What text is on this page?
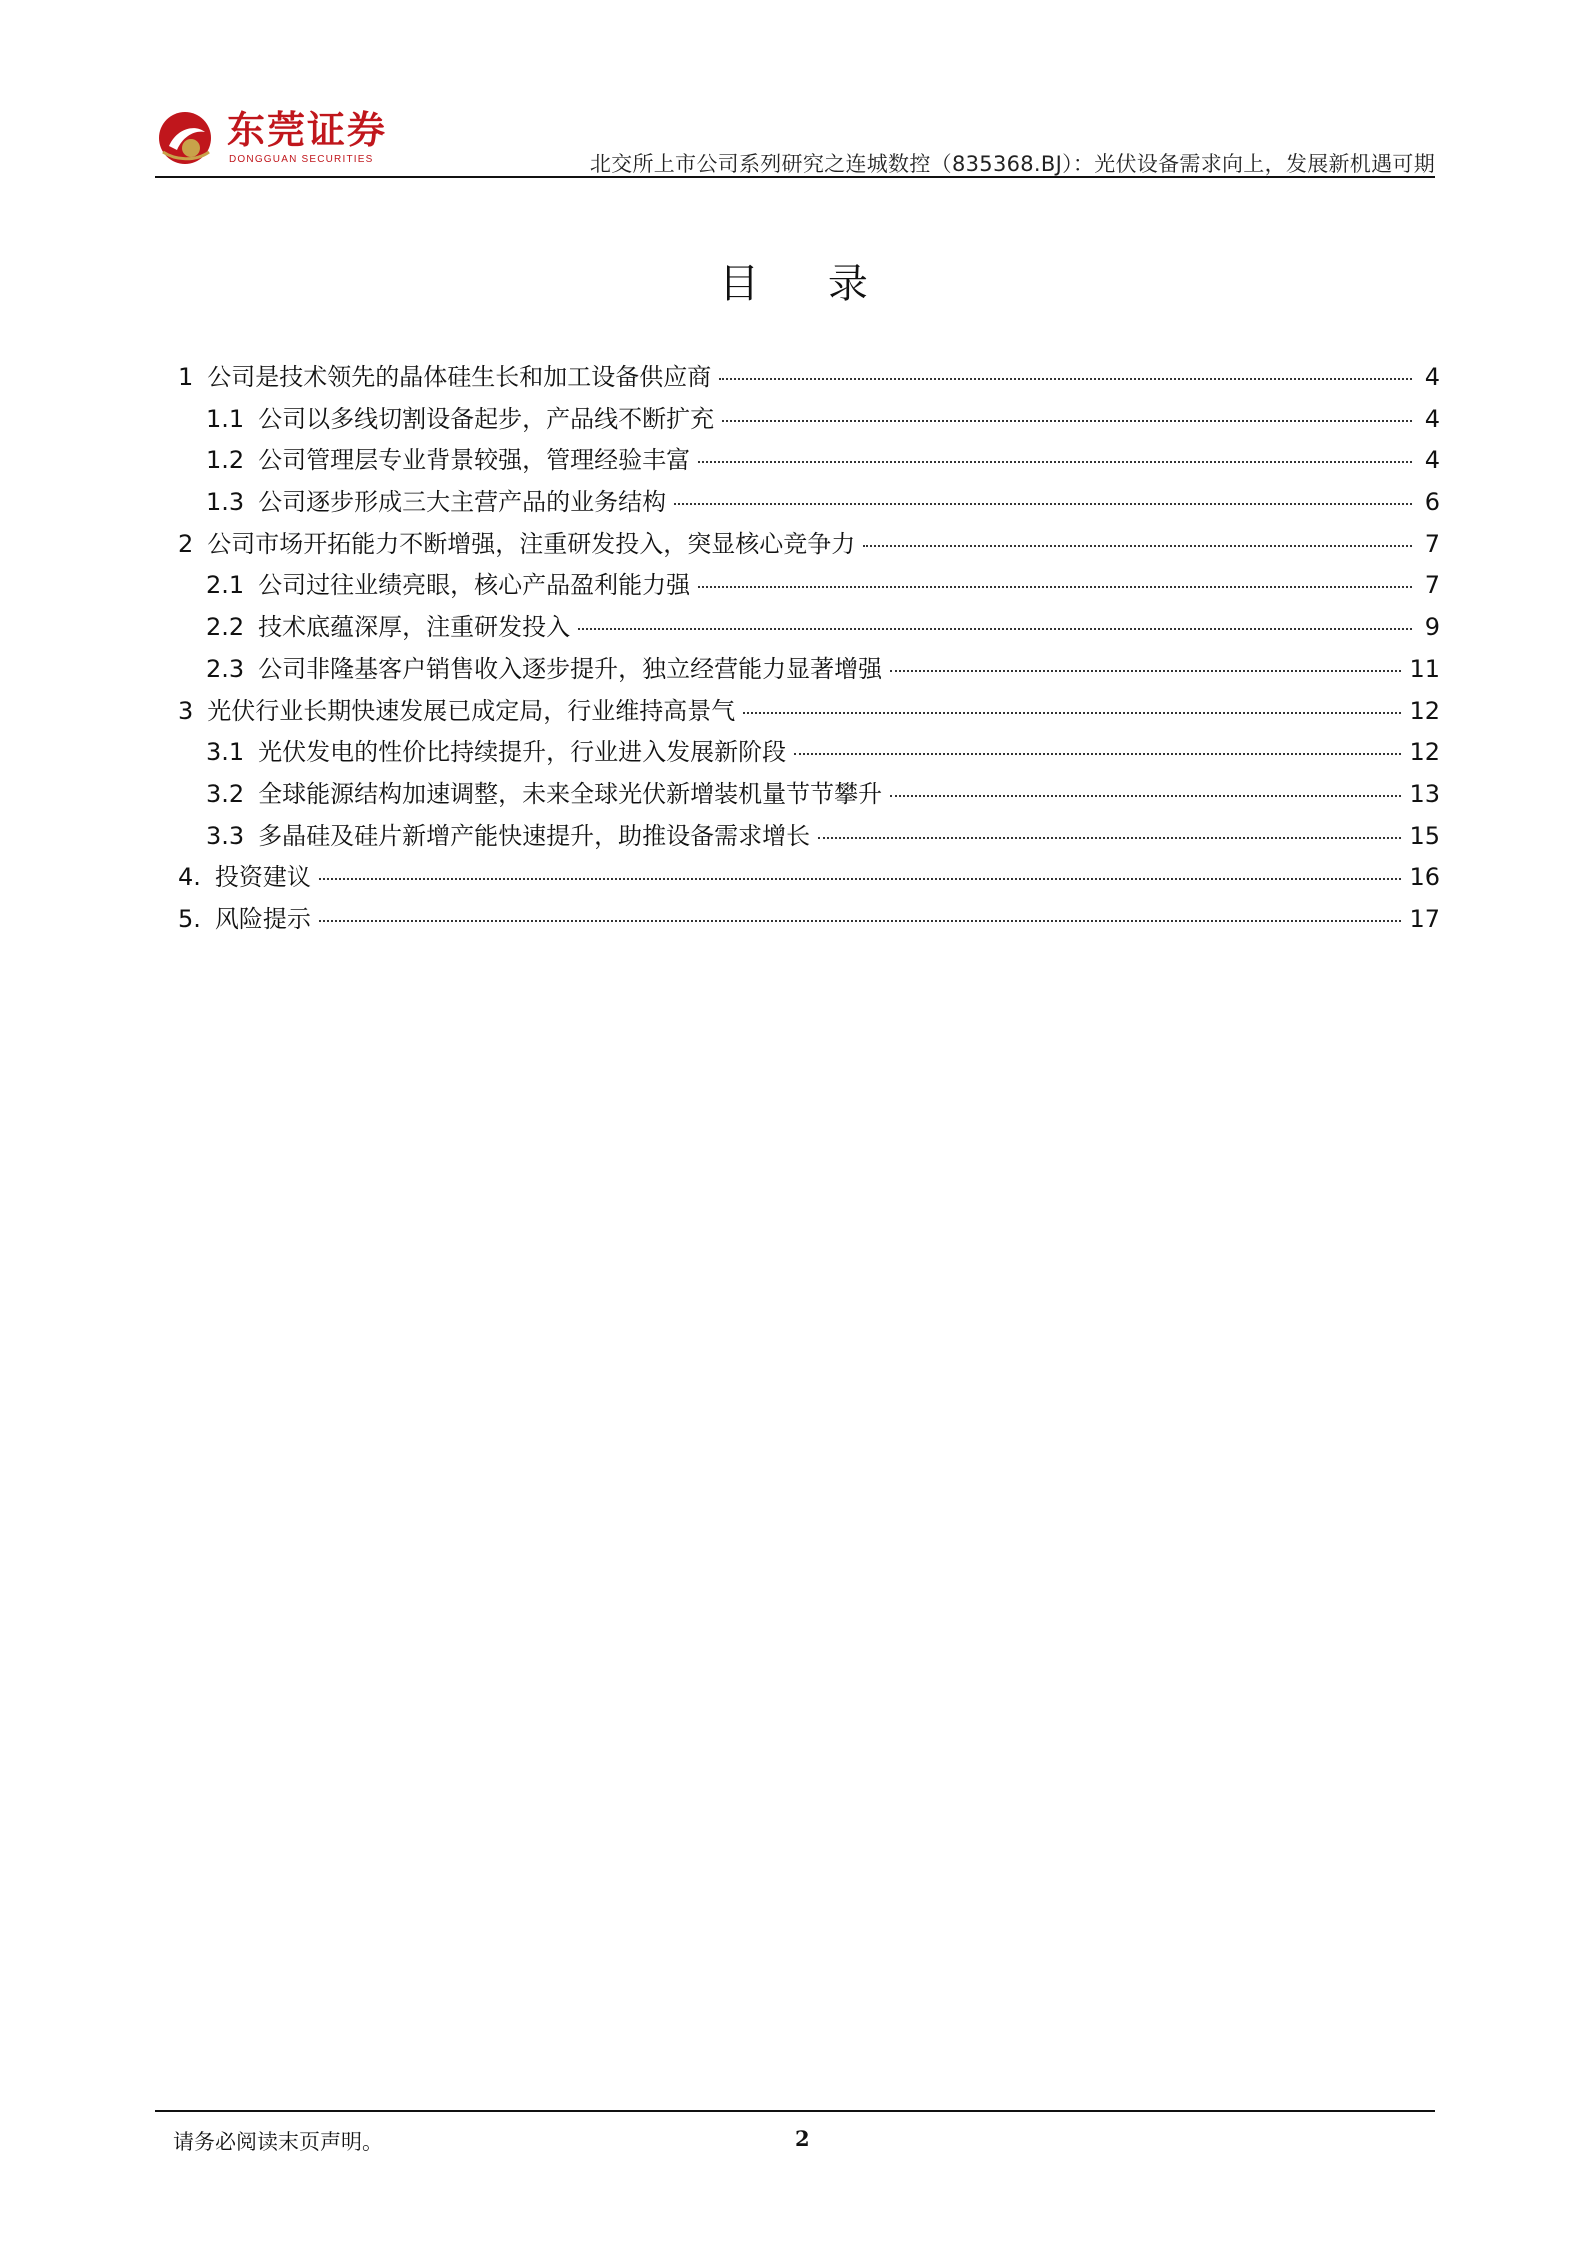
东莞证券
DONGGUAN SECURITIES	北交所上市公司系列研究之连城数控（835368.BJ）：光伏设备需求向上，发展新机遇可期
目 录
1 公司是技术领先的晶体硅生长和加工设备供应商	4
1.1 公司以多线切割设备起步，产品线不断扩充	4
1.2 公司管理层专业背景较强，管理经验丰富	4
1.3 公司逐步形成三大主营产品的业务结构	6
2 公司市场开拓能力不断增强，注重研发投入，突显核心竞争力	7
2.1 公司过往业绩亮眼，核心产品盈利能力强	7
2.2 技术底蕴深厚，注重研发投入	9
2.3 公司非隆基客户销售收入逐步提升，独立经营能力显著增强	11
3 光伏行业长期快速发展已成定局，行业维持高景气	12
3.1 光伏发电的性价比持续提升，行业进入发展新阶段	12
3.2 全球能源结构加速调整，未来全球光伏新增装机量节节攀升	13
3.3 多晶硅及硅片新增产能快速提升，助推设备需求增长	15
4. 投资建议	16
5. 风险提示	17
请务必阅读末页声明。	2
